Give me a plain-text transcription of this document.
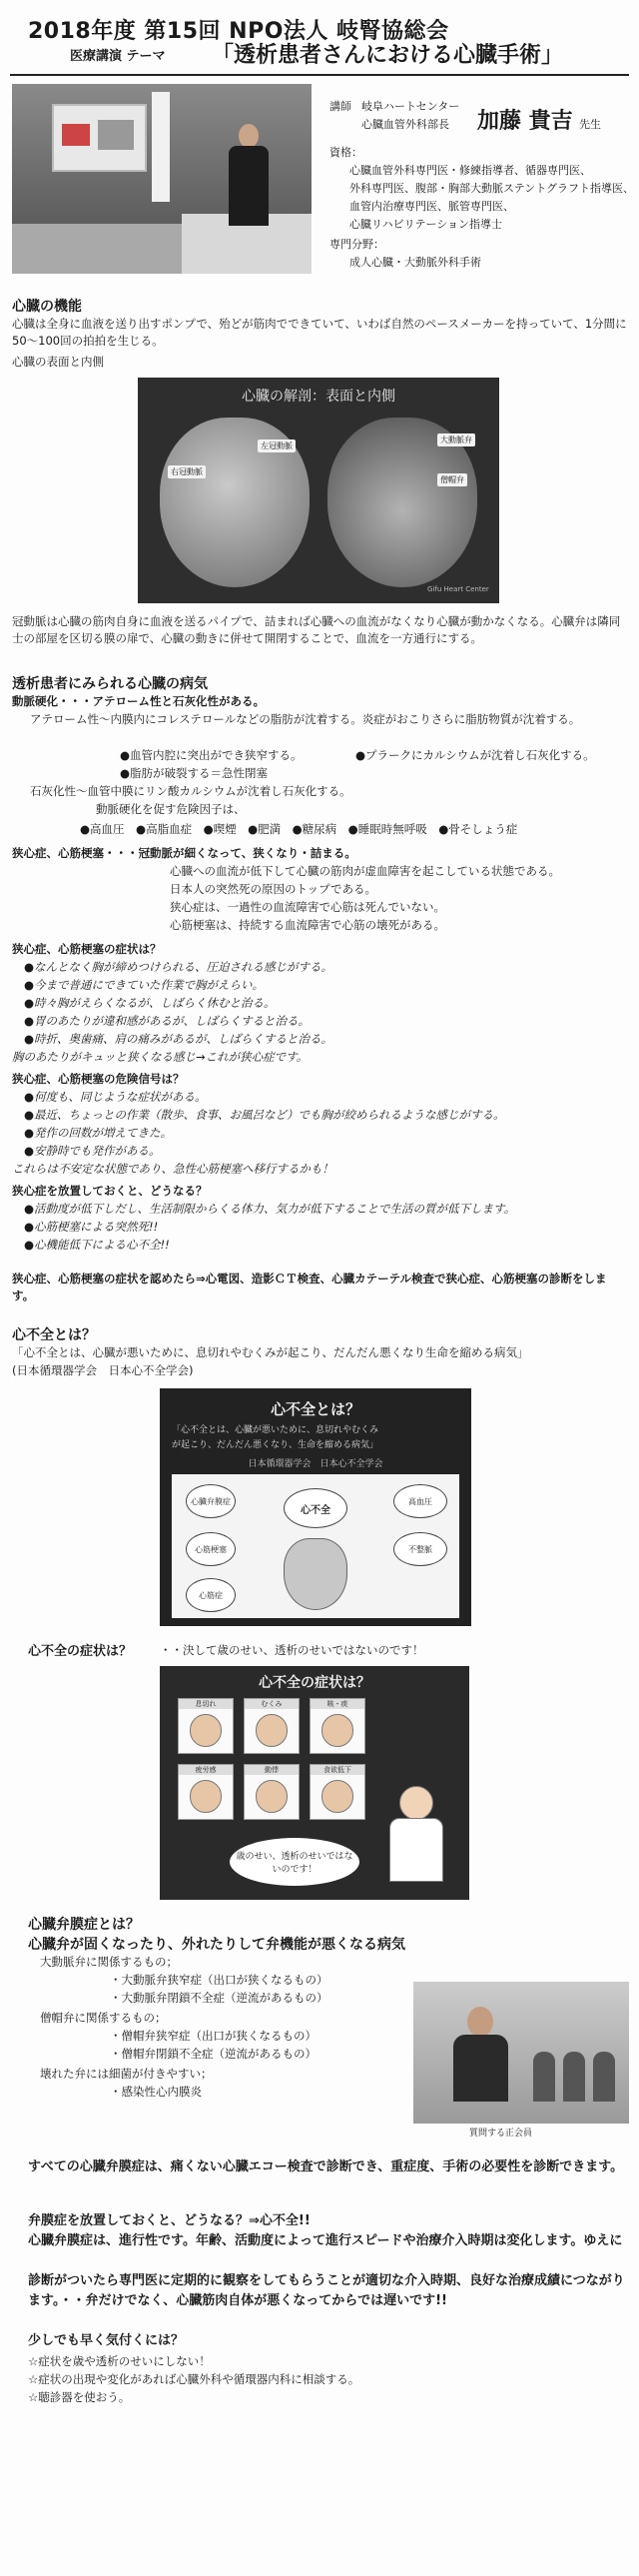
2018年度 第15回 NPO法人 岐腎協総会
医療講演 テーマ 「透析患者さんにおける心臓手術」
講師 岐阜ハートセンター
心臓血管外科部長 加藤 貴吉 先生
資格：
心臓血管外科専門医・修練指導者、循器専門医、
外科専門医、腹部・胸部大動脈ステントグラフト指導医、
血管内治療専門医、脈管専門医、
心臓リハビリテーション指導士
専門分野：
成人心臓・大動脈外科手術
心臓の機能
心臓は全身に血液を送り出すポンプで、殆どが筋肉でできていて、いわば自然のペースメーカーを持っていて、1分間に50～100回の拍拍を生じる。
心臓の表面と内側
心臓の解剖：表面と内側
右冠動脈
左冠動脈
大動脈弁
僧帽弁
Gifu Heart Center
冠動脈は心臓の筋肉自身に血液を送るパイプで、詰まれば心臓への血流がなくなり心臓が動かなくなる。心臓弁は隣同士の部屋を区切る膜の扉で、心臓の動きに併せて開閉することで、血流を一方通行にする。
透析患者にみられる心臓の病気
動脈硬化・・・アテローム性と石灰化性がある。
アテローム性～内膜内にコレステロールなどの脂肪が沈着する。炎症がおこりさらに脂肪物質が沈着する。
●血管内腔に突出ができ狭窄する。	●プラークにカルシウムが沈着し石灰化する。
●脂肪が破裂する＝急性閉塞
石灰化性～血管中膜にリン酸カルシウムが沈着し石灰化する。
動脈硬化を促す危険因子は、
●高血圧　●高脂血症　●喫煙　●肥満　●糖尿病　●睡眠時無呼吸　●骨そしょう症
狭心症、心筋梗塞・・・冠動脈が細くなって、狭くなり・詰まる。
心臓への血流が低下して心臓の筋肉が虚血障害を起こしている状態である。
日本人の突然死の原因のトップである。
狭心症は、一過性の血流障害で心筋は死んでいない。
心筋梗塞は、持続する血流障害で心筋の壊死がある。
狭心症、心筋梗塞の症状は？
●なんとなく胸が締めつけられる、圧迫される感じがする。
●今まで普通にできていた作業で胸がえらい。
●時々胸がえらくなるが、しばらく休むと治る。
●胃のあたりが違和感があるが、しばらくすると治る。
●時折、奥歯痛、肩の痛みがあるが、しばらくすると治る。
胸のあたりがキュッと狭くなる感じ→これが狭心症です。
狭心症、心筋梗塞の危険信号は？
●何度も、同じような症状がある。
●最近、ちょっとの作業（散歩、食事、お風呂など）でも胸が絞められるような感じがする。
●発作の回数が増えてきた。
●安静時でも発作がある。
これらは不安定な状態であり、急性心筋梗塞へ移行するかも！
狭心症を放置しておくと、どうなる？
●活動度が低下しだし、生活制限からくる体力、気力が低下することで生活の質が低下します。
●心筋梗塞による突然死!!
●心機能低下による心不全!!
狭心症、心筋梗塞の症状を認めたら⇒心電図、造影ＣＴ検査、心臓カテーテル検査で狭心症、心筋梗塞の診断をします。
心不全とは？
「心不全とは、心臓が悪いために、息切れやむくみが起こり、だんだん悪くなり生命を縮める病気」
(日本循環器学会　日本心不全学会)
心不全とは？
「心不全とは、心臓が悪いために、息切れやむくみ
が起こり、だんだん悪くなり、生命を縮める病気」
日本循環器学会　日本心不全学会
心臓弁膜症
心筋梗塞
心不全
高血圧
不整脈
心筋症
心不全の症状は？ ・・決して歳のせい、透析のせいではないのです！
心不全の症状は？
息切れ	むくみ	咳・痰
疲労感	動悸	食欲低下
歳のせい、透析のせいではないのです！
心臓弁膜症とは？
心臓弁が固くなったり、外れたりして弁機能が悪くなる病気
大動脈弁に関係するもの；
・大動脈弁狭窄症（出口が狭くなるもの）
・大動脈弁閉鎖不全症（逆流があるもの）
僧帽弁に関係するもの；
・僧帽弁狭窄症（出口が狭くなるもの）
・僧帽弁閉鎖不全症（逆流があるもの）
壊れた弁には細菌が付きやすい；
・感染性心内膜炎
質問する正会員
すべての心臓弁膜症は、痛くない心臓エコー検査で診断でき、重症度、手術の必要性を診断できます。
弁膜症を放置しておくと、どうなる？⇒心不全!!
心臓弁膜症は、進行性です。年齢、活動度によって進行スピードや治療介入時期は変化します。ゆえに
診断がついたら専門医に定期的に観察をしてもらうことが適切な介入時期、良好な治療成績につながります。・・弁だけでなく、心臓筋肉自体が悪くなってからでは遅いです!!
少しでも早く気付くには？
☆症状を歳や透析のせいにしない！
☆症状の出現や変化があれば心臓外科や循環器内科に相談する。
☆聴診器を使おう。
